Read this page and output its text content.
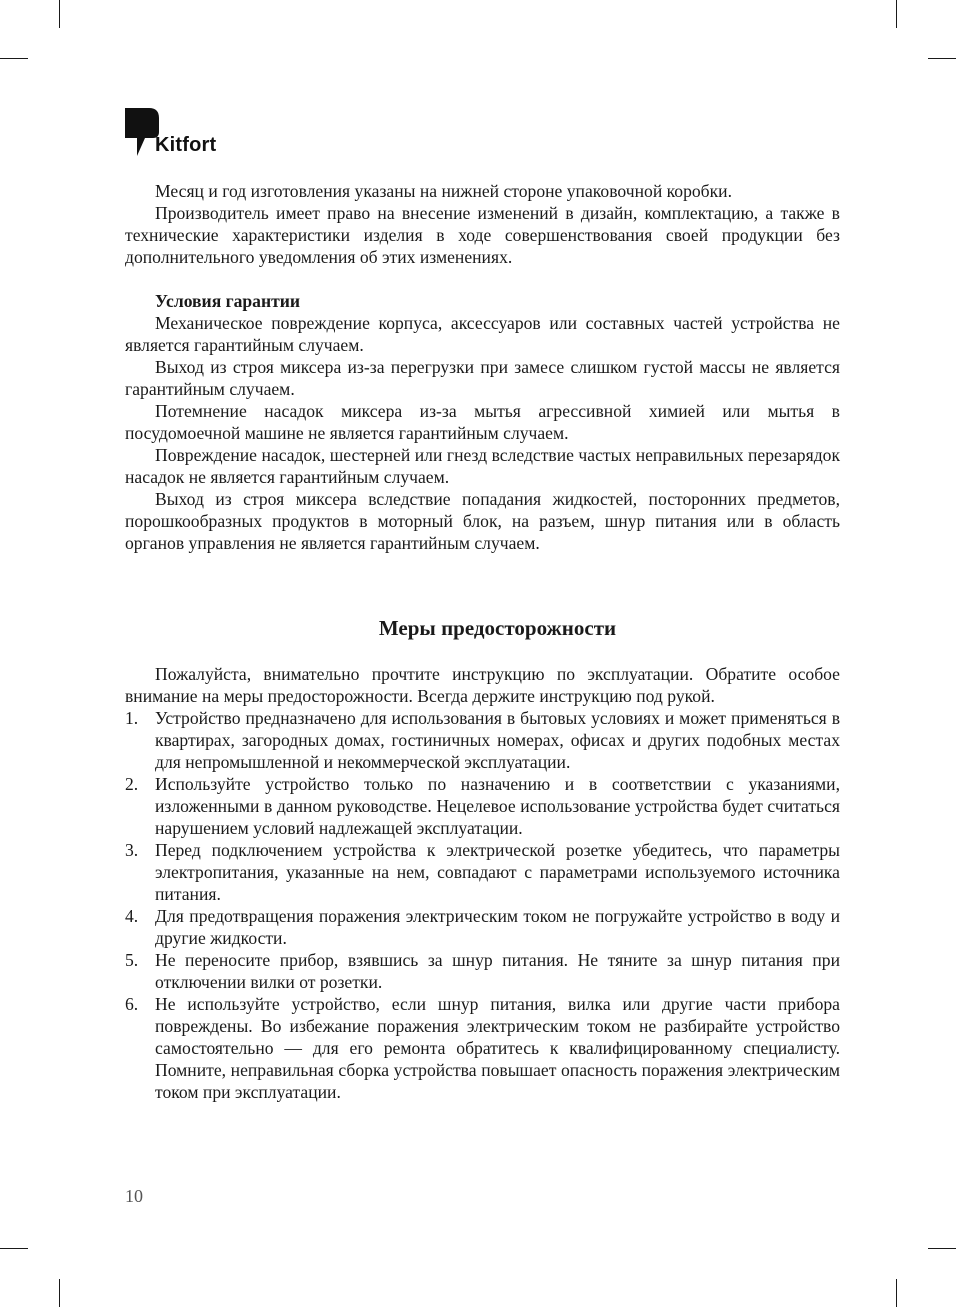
Kitfort

Месяц и год изготовления указаны на нижней стороне упаковочной коробки.

Производитель имеет право на внесение изменений в дизайн, комплектацию, а также в технические характеристики изделия в ходе совершенствования своей продукции без дополнительного уведомления об этих изменениях.

Условия гарантии

Механическое повреждение корпуса, аксессуаров или составных частей устройства не является гарантийным случаем.

Выход из строя миксера из-за перегрузки при замесе слишком густой массы не является гарантийным случаем.

Потемнение насадок миксера из-за мытья агрессивной химией или мытья в посудомоечной машине не является гарантийным случаем.

Повреждение насадок, шестерней или гнезд вследствие частых неправильных перезарядок насадок не является гарантийным случаем.

Выход из строя миксера вследствие попадания жидкостей, посторонних предметов, порошкообразных продуктов в моторный блок, на разъем, шнур питания или в область органов управления не является гарантийным случаем.

Меры предосторожности

Пожалуйста, внимательно прочтите инструкцию по эксплуатации. Обратите особое внимание на меры предосторожности. Всегда держите инструкцию под рукой.

1. Устройство предназначено для использования в бытовых условиях и может применяться в квартирах, загородных домах, гостиничных номерах, офисах и других подобных местах для непромышленной и некоммерческой эксплуатации.
2. Используйте устройство только по назначению и в соответствии с указаниями, изложенными в данном руководстве. Нецелевое использование устройства будет считаться нарушением условий надлежащей эксплуатации.
3. Перед подключением устройства к электрической розетке убедитесь, что параметры электропитания, указанные на нем, совпадают с параметрами используемого источника питания.
4. Для предотвращения поражения электрическим током не погружайте устройство в воду и другие жидкости.
5. Не переносите прибор, взявшись за шнур питания. Не тяните за шнур питания при отключении вилки от розетки.
6. Не используйте устройство, если шнур питания, вилка или другие части прибора повреждены. Во избежание поражения электрическим током не разбирайте устройство самостоятельно — для его ремонта обратитесь к квалифицированному специалисту. Помните, неправильная сборка устройства повышает опасность поражения электрическим током при эксплуатации.
10
